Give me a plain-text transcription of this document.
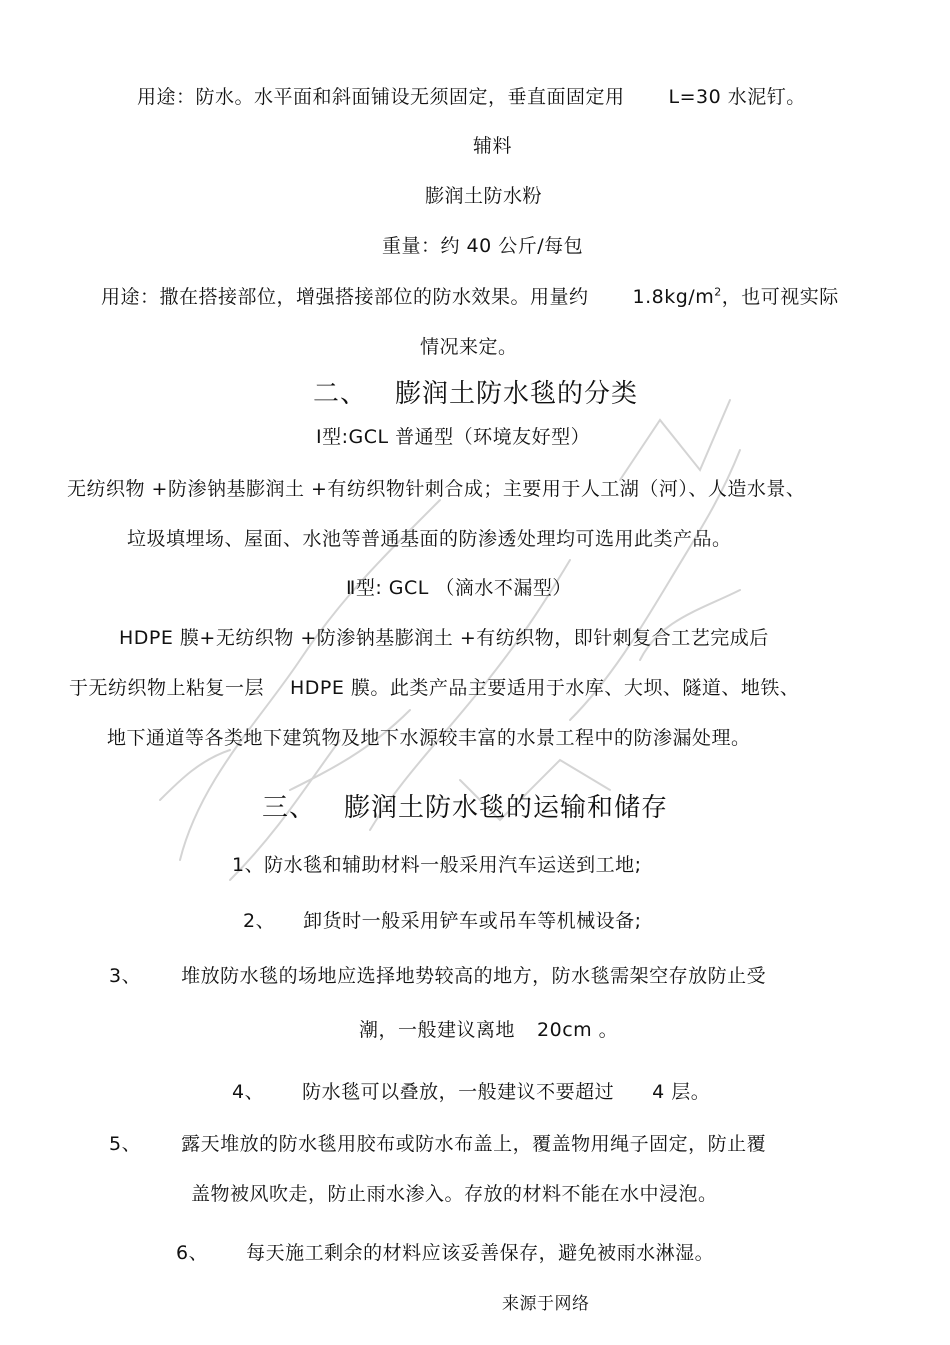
用途：防水。水平面和斜面铺设无须固定，垂直面固定用 L=30 水泥钉。
辅料
膨润土防水粉
重量：约 40 公斤/每包
用途：撒在搭接部位，增强搭接部位的防水效果。用量约 $1.8kg/m^2$，也可视实际
情况来定。
二、 膨润土防水毯的分类
Ⅰ型:GCL 普通型（环境友好型）
无纺织物 +防渗钠基膨润土 +有纺织物针刺合成；主要用于人工湖（河）、人造水景、
垃圾填埋场、屋面、水池等普通基面的防渗透处理均可选用此类产品。
Ⅱ型: GCL （滴水不漏型）
HDPE 膜+无纺织物 +防渗钠基膨润土 +有纺织物，即针刺复合工艺完成后
于无纺织物上粘复一层 HDPE 膜。此类产品主要适用于水库、大坝、隧道、地铁、
地下通道等各类地下建筑物及地下水源较丰富的水景工程中的防渗漏处理。
三、 膨润土防水毯的运输和储存
1、防水毯和辅助材料一般采用汽车运送到工地;
2、 卸货时一般采用铲车或吊车等机械设备;
3、 堆放防水毯的场地应选择地势较高的地方，防水毯需架空存放防止受
潮，一般建议离地 20cm 。
4、 防水毯可以叠放，一般建议不要超过 4 层。
5、 露天堆放的防水毯用胶布或防水布盖上，覆盖物用绳子固定，防止覆
盖物被风吹走，防止雨水渗入。存放的材料不能在水中浸泡。
6、 每天施工剩余的材料应该妥善保存，避免被雨水淋湿。
来源于网络
